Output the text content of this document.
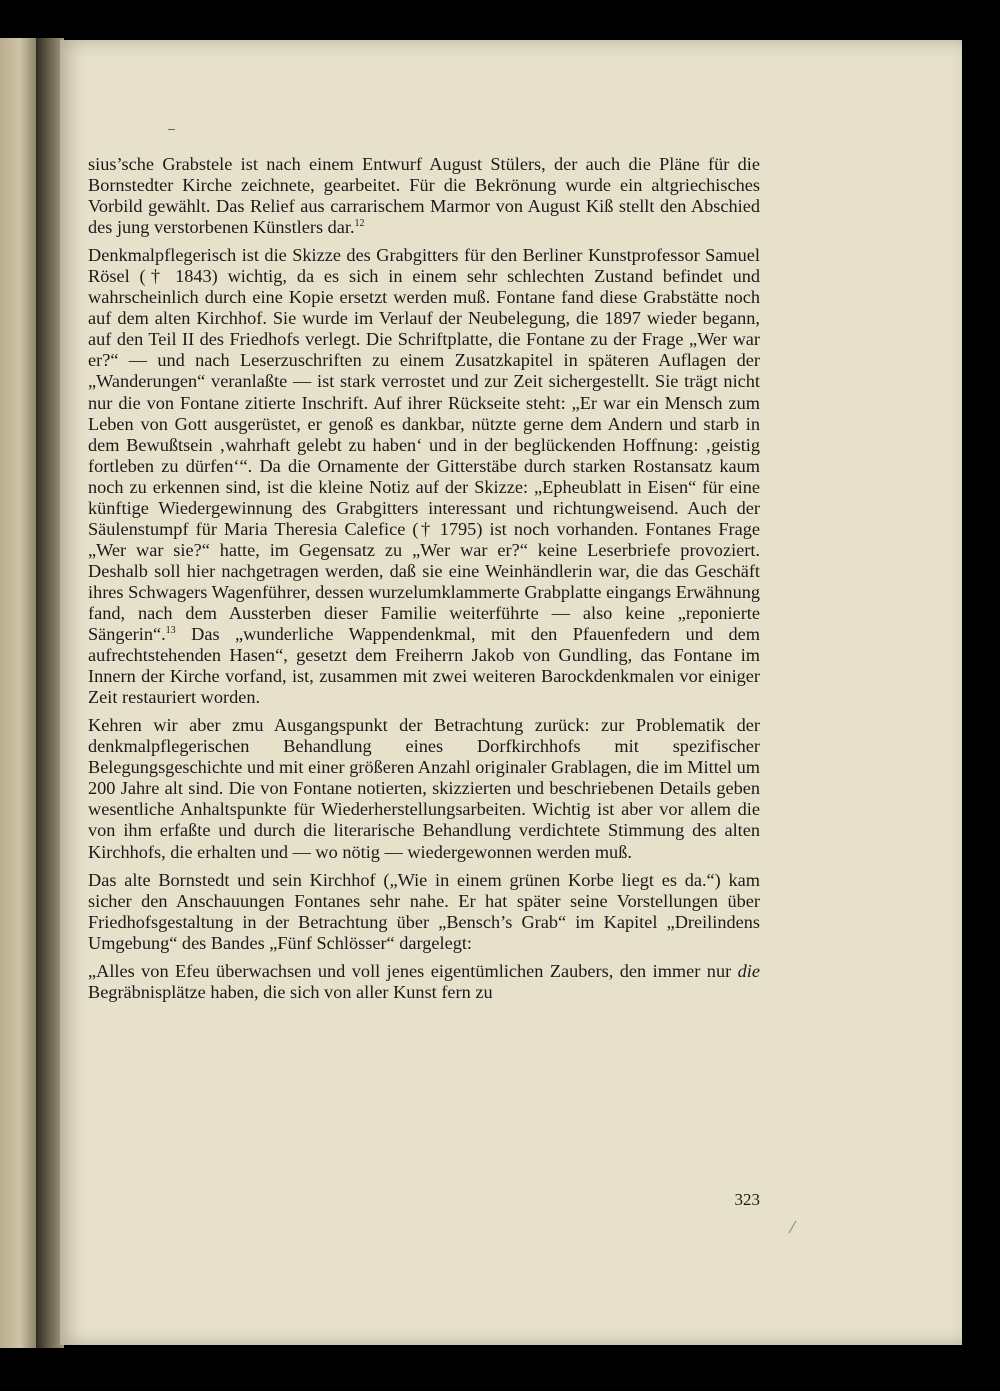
sius’sche Grabstele ist nach einem Entwurf August Stülers, der auch die Pläne für die Bornstedter Kirche zeichnete, gearbeitet. Für die Bekrönung wurde ein altgriechisches Vorbild gewählt. Das Relief aus carrarischem Marmor von August Kiß stellt den Abschied des jung verstorbenen Künstlers dar.$^{12}$

Denkmalpflegerisch ist die Skizze des Grabgitters für den Berliner Kunstprofessor Samuel Rösel († 1843) wichtig, da es sich in einem sehr schlechten Zustand befindet und wahrscheinlich durch eine Kopie ersetzt werden muß. Fontane fand diese Grabstätte noch auf dem alten Kirchhof. Sie wurde im Verlauf der Neubelegung, die 1897 wieder begann, auf den Teil II des Friedhofs verlegt. Die Schriftplatte, die Fontane zu der Frage „Wer war er?“ — und nach Leserzuschriften zu einem Zusatzkapitel in späteren Auflagen der „Wanderungen“ veranlaßte — ist stark verrostet und zur Zeit sichergestellt. Sie trägt nicht nur die von Fontane zitierte Inschrift. Auf ihrer Rückseite steht: „Er war ein Mensch zum Leben von Gott ausgerüstet, er genoß es dankbar, nützte gerne dem Andern und starb in dem Bewußtsein ‚wahrhaft gelebt zu haben‘ und in der beglückenden Hoffnung: ‚geistig fortleben zu dürfen‘“. Da die Ornamente der Gitterstäbe durch starken Rostansatz kaum noch zu erkennen sind, ist die kleine Notiz auf der Skizze: „Epheublatt in Eisen“ für eine künftige Wiedergewinnung des Grabgitters interessant und richtungweisend. Auch der Säulenstumpf für Maria Theresia Calefice († 1795) ist noch vorhanden. Fontanes Frage „Wer war sie?“ hatte, im Gegensatz zu „Wer war er?“ keine Leserbriefe provoziert. Deshalb soll hier nachgetragen werden, daß sie eine Weinhändlerin war, die das Geschäft ihres Schwagers Wagenführer, dessen wurzelumklammerte Grabplatte eingangs Erwähnung fand, nach dem Aussterben dieser Familie weiterführte — also keine „reponierte Sängerin“.$^{13}$ Das „wunderliche Wappendenkmal, mit den Pfauenfedern und dem aufrechtstehenden Hasen“, gesetzt dem Freiherrn Jakob von Gundling, das Fontane im Innern der Kirche vorfand, ist, zusammen mit zwei weiteren Barockdenkmalen vor einiger Zeit restauriert worden.

Kehren wir aber zmu Ausgangspunkt der Betrachtung zurück: zur Problematik der denkmalpflegerischen Behandlung eines Dorfkirchhofs mit spezifischer Belegungsgeschichte und mit einer größeren Anzahl originaler Grablagen, die im Mittel um 200 Jahre alt sind. Die von Fontane notierten, skizzierten und beschriebenen Details geben wesentliche Anhaltspunkte für Wiederherstellungsarbeiten. Wichtig ist aber vor allem die von ihm erfaßte und durch die literarische Behandlung verdichtete Stimmung des alten Kirchhofs, die erhalten und — wo nötig — wiedergewonnen werden muß.

Das alte Bornstedt und sein Kirchhof („Wie in einem grünen Korbe liegt es da.“) kam sicher den Anschauungen Fontanes sehr nahe. Er hat später seine Vorstellungen über Friedhofsgestaltung in der Betrachtung über „Bensch’s Grab“ im Kapitel „Dreilindens Umgebung“ des Bandes „Fünf Schlösser“ dargelegt:

„Alles von Efeu überwachsen und voll jenes eigentümlichen Zaubers, den immer nur die Begräbnisplätze haben, die sich von aller Kunst fern zu

323
